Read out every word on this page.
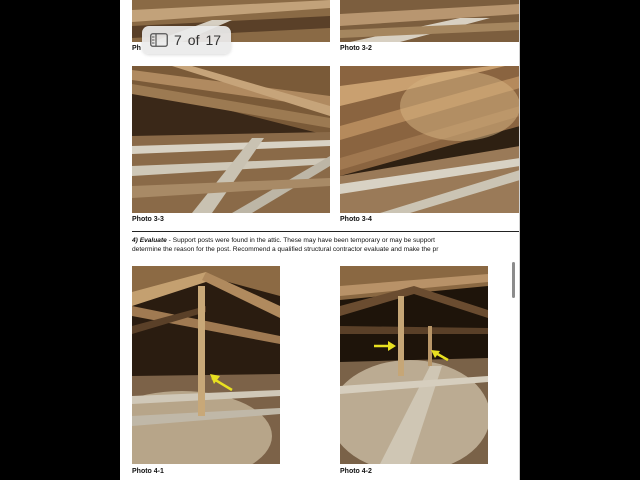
Ph	Photo 3-2
Photo 3-3	Photo 3-4
4) Evaluate - Support posts were found in the attic. These may have been temporary or may be support
determine the reason for the post. Recommend a qualified structural contractor evaluate and make the pr
Photo 4-1	Photo 4-2
7 of 17
